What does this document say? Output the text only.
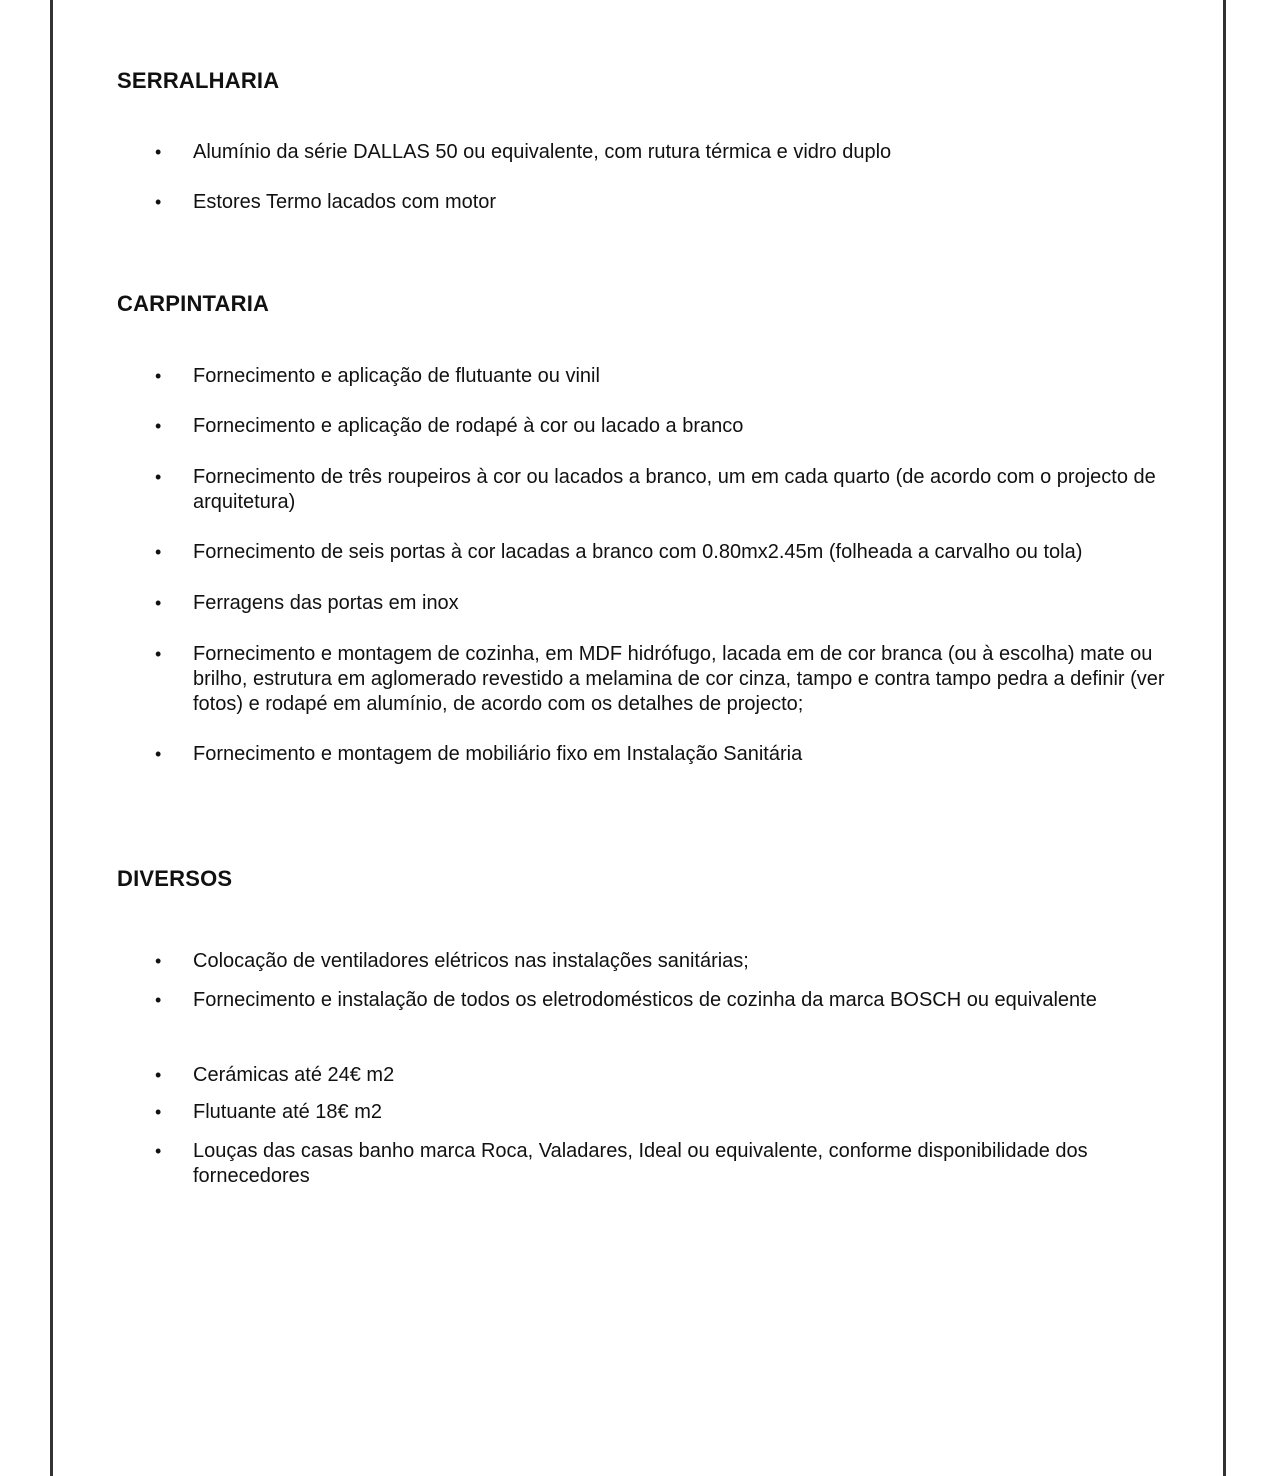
SERRALHARIA
• Alumínio da série DALLAS 50 ou equivalente, com rutura térmica e vidro duplo
• Estores Termo lacados com motor
CARPINTARIA
• Fornecimento e aplicação de flutuante ou vinil
• Fornecimento e aplicação de rodapé à cor ou lacado a branco
• Fornecimento de três roupeiros à cor ou lacados a branco, um em cada quarto (de acordo com o projecto de arquitetura)
• Fornecimento de seis portas à cor lacadas a branco com 0.80mx2.45m (folheada a carvalho ou tola)
• Ferragens das portas em inox
• Fornecimento e montagem de cozinha, em MDF hidrófugo, lacada em de cor branca (ou à escolha) mate ou brilho, estrutura em aglomerado revestido a melamina de cor cinza, tampo e contra tampo pedra a definir (ver fotos) e rodapé em alumínio, de acordo com os detalhes de projecto;
• Fornecimento e montagem de mobiliário fixo em Instalação Sanitária
DIVERSOS
• Colocação de ventiladores elétricos nas instalações sanitárias;
• Fornecimento e instalação de todos os eletrodomésticos de cozinha da marca BOSCH ou equivalente
• Cerámicas até 24€ m2
• Flutuante até 18€ m2
• Louças das casas banho marca Roca, Valadares, Ideal ou equivalente, conforme disponibilidade dos fornecedores
